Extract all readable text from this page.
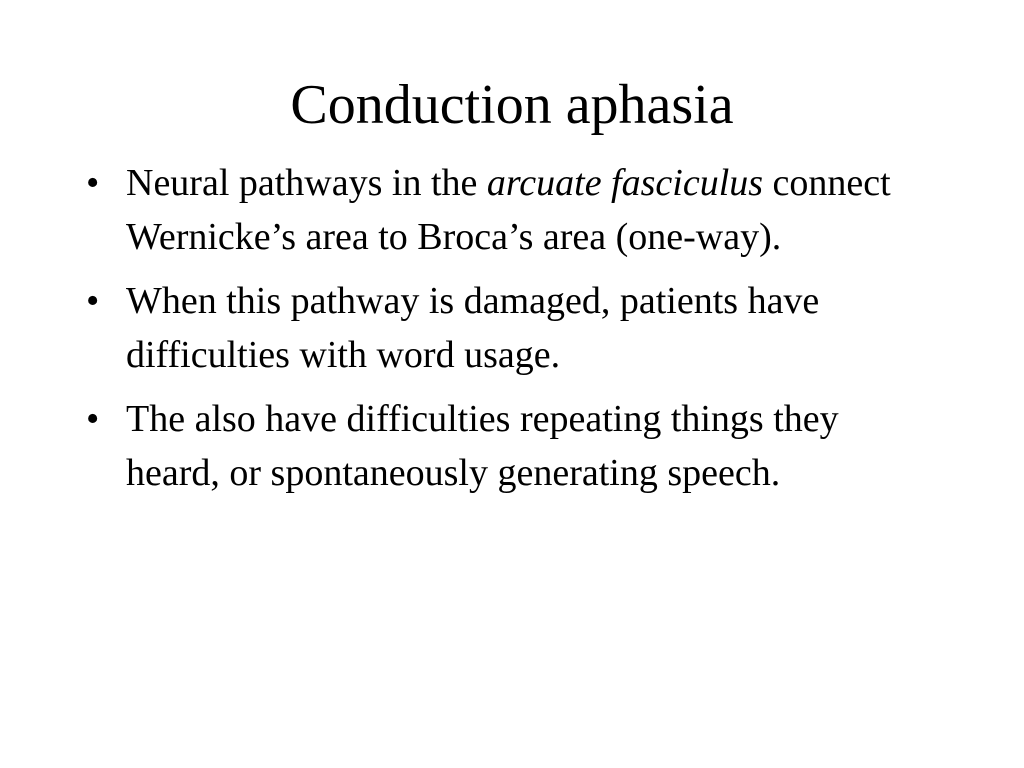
Conduction aphasia
• Neural pathways in the arcuate fasciculus connect Wernicke’s area to Broca’s area (one-way).
• When this pathway is damaged, patients have difficulties with word usage.
• The also have difficulties repeating things they heard, or spontaneously generating speech.
